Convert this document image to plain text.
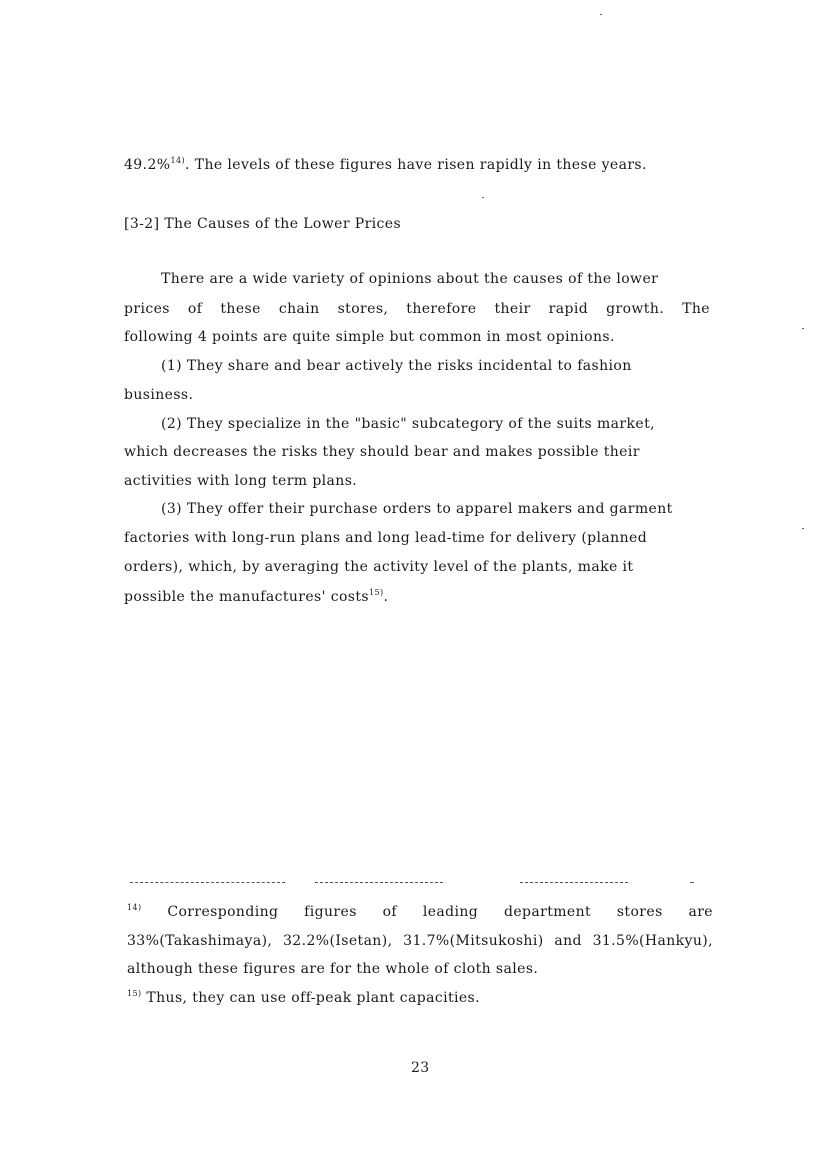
49.2%$^{14)}$. The levels of these figures have risen rapidly in these years.
[3-2] The Causes of the Lower Prices
There are a wide variety of opinions about the causes of the lower
prices of these chain stores, therefore their rapid growth. The
following 4 points are quite simple but common in most opinions.
(1) They share and bear actively the risks incidental to fashion
business.
(2) They specialize in the "basic" subcategory of the suits market,
which decreases the risks they should bear and makes possible their
activities with long term plans.
(3) They offer their purchase orders to apparel makers and garment
factories with long-run plans and long lead-time for delivery (planned
orders), which, by averaging the activity level of the plants, make it
possible the manufactures' costs$^{15)}$.
$^{14)}$ Corresponding figures of leading department stores are
33%(Takashimaya), 32.2%(Isetan), 31.7%(Mitsukoshi) and 31.5%(Hankyu),
although these figures are for the whole of cloth sales.
$^{15)}$ Thus, they can use off-peak plant capacities.
23
